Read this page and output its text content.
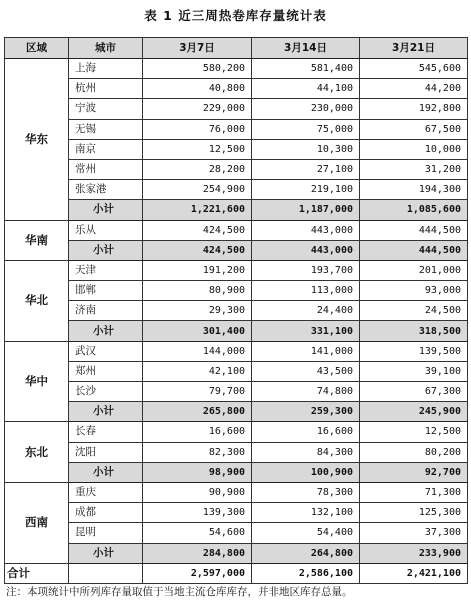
表 1 近三周热卷库存量统计表
区域	城市	3月7日	3月14日	3月21日
华东	上海	580,200	581,400	545,600
	杭州	40,800	44,100	44,200
	宁波	229,000	230,000	192,800
	无锡	76,000	75,000	67,500
	南京	12,500	10,300	10,000
	常州	28,200	27,100	31,200
	张家港	254,900	219,100	194,300
	小计	1,221,600	1,187,000	1,085,600
华南	乐从	424,500	443,000	444,500
	小计	424,500	443,000	444,500
华北	天津	191,200	193,700	201,000
	邯郸	80,900	113,000	93,000
	济南	29,300	24,400	24,500
	小计	301,400	331,100	318,500
华中	武汉	144,000	141,000	139,500
	郑州	42,100	43,500	39,100
	长沙	79,700	74,800	67,300
	小计	265,800	259,300	245,900
东北	长春	16,600	16,600	12,500
	沈阳	82,300	84,300	80,200
	小计	98,900	100,900	92,700
西南	重庆	90,900	78,300	71,300
	成都	139,300	132,100	125,300
	昆明	54,600	54,400	37,300
	小计	284,800	264,800	233,900
合计		2,597,000	2,586,100	2,421,100
注：本项统计中所列库存量取值于当地主流仓库库存，并非地区库存总量。
